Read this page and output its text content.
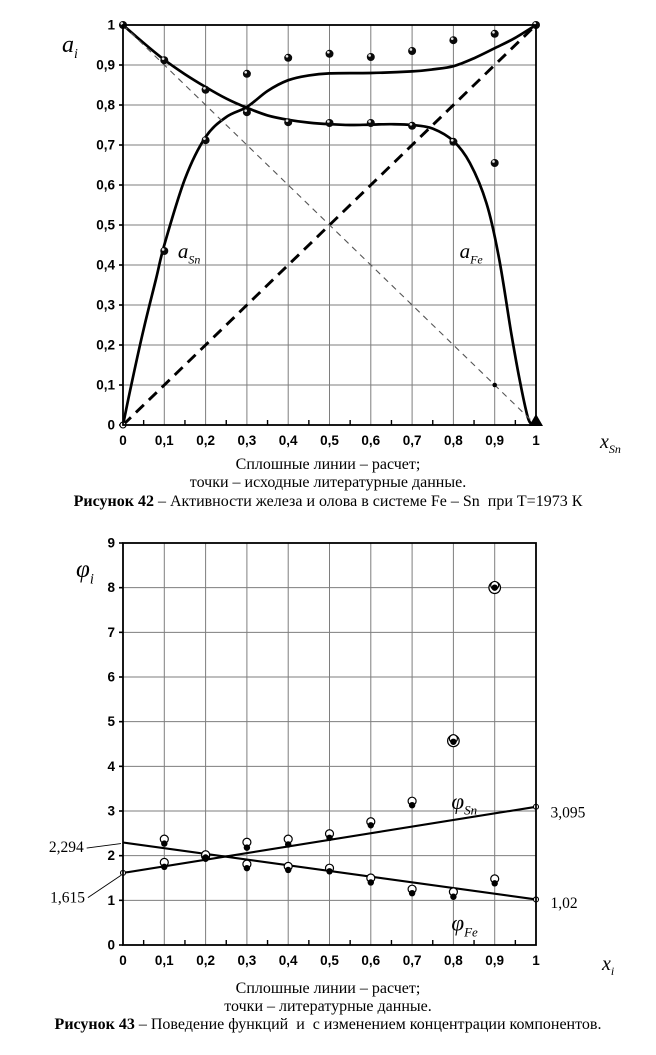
0 0,1 0,2 0,3 0,4 0,5 0,6 0,7 0,8 0,9 1
0
0,1
0,2
0,3
0,4
0,5
0,6
0,7
0,8
0,9
1
$a_{Sn}$	$a_{Fe}$
$a_i$
$x_{Sn}$
Сплошные линии – расчет;
точки – исходные литературные данные.
Рисунок 42 – Активности железа и олова в системе Fe – Sn  при Т=1973 К
0 0,1 0,2 0,3 0,4 0,5 0,6 0,7 0,8 0,9 1
0
1
2
3
4
5
6
7
8
9
$\varphi_{Sn}$
$\varphi_{Fe}$
2,294
1,615
3,095
1,02
$\varphi_i$
$x_i$
Сплошные линии – расчет;
точки – литературные данные.
Рисунок 43 – Поведение функций  и  с изменением концентрации компонентов.
